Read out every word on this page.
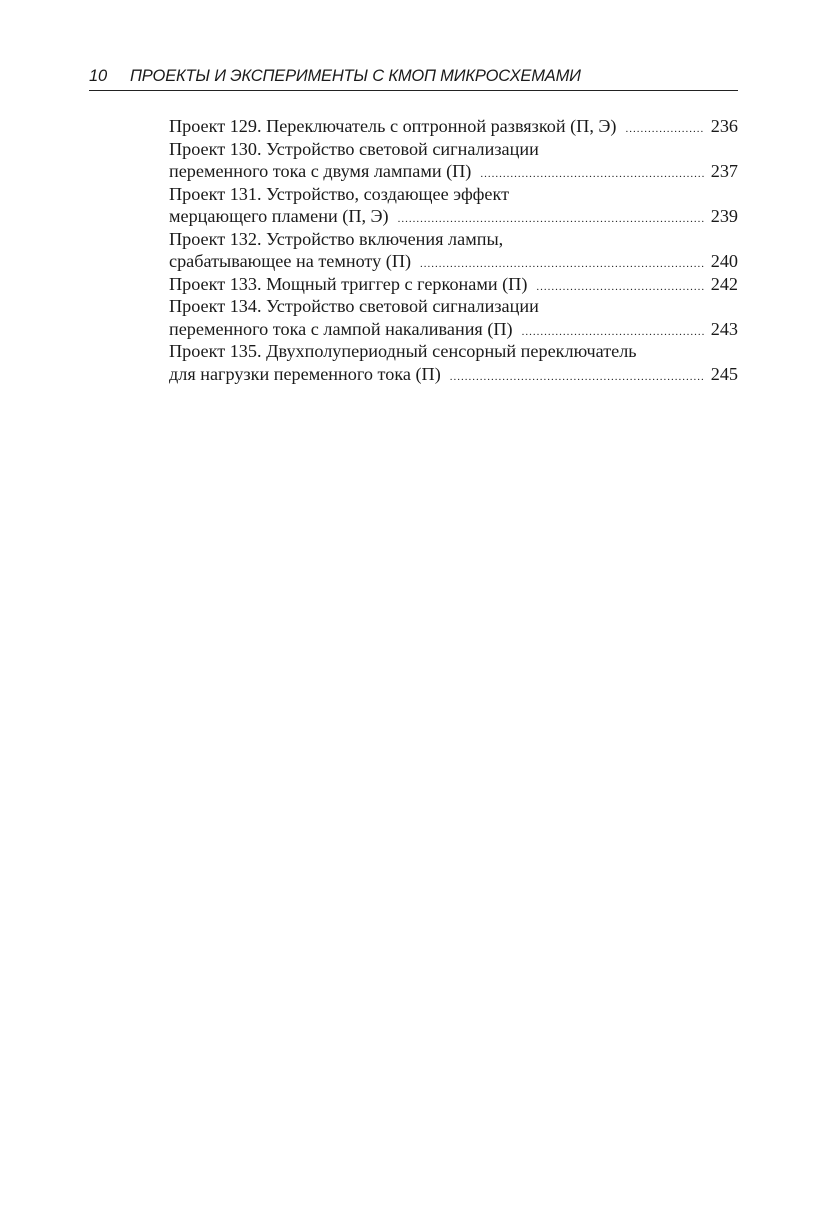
10 ПРОЕКТЫ И ЭКСПЕРИМЕНТЫ С КМОП МИКРОСХЕМАМИ
Проект 129. Переключатель с оптронной развязкой (П, Э) .....	236
Проект 130. Устройство световой сигнализации
переменного тока с двумя лампами (П) .....	237
Проект 131. Устройство, создающее эффект
мерцающего пламени (П, Э) .....	239
Проект 132. Устройство включения лампы,
срабатывающее на темноту (П) .....	240
Проект 133. Мощный триггер с герконами (П) .....	242
Проект 134. Устройство световой сигнализации
переменного тока с лампой накаливания (П) .....	243
Проект 135. Двухполупериодный сенсорный переключатель
для нагрузки переменного тока (П) .....	245
